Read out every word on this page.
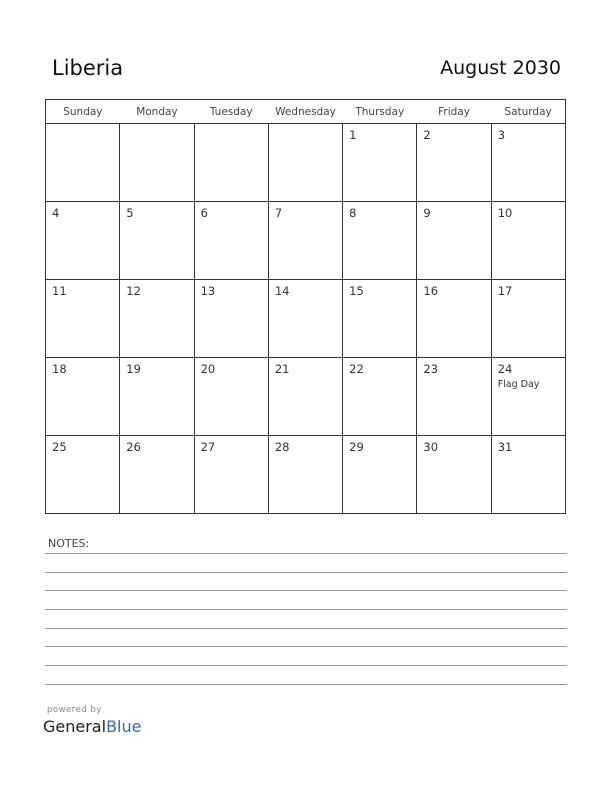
Liberia	August 2030
Sunday	Monday	Tuesday	Wednesday	Thursday	Friday	Saturday

				1	2	3

4	5	6	7	8	9	10

11	12	13	14	15	16	17

18	19	20	21	22	23	24
Flag Day

25	26	27	28	29	30	31
NOTES:
powered by
GeneralBlue
